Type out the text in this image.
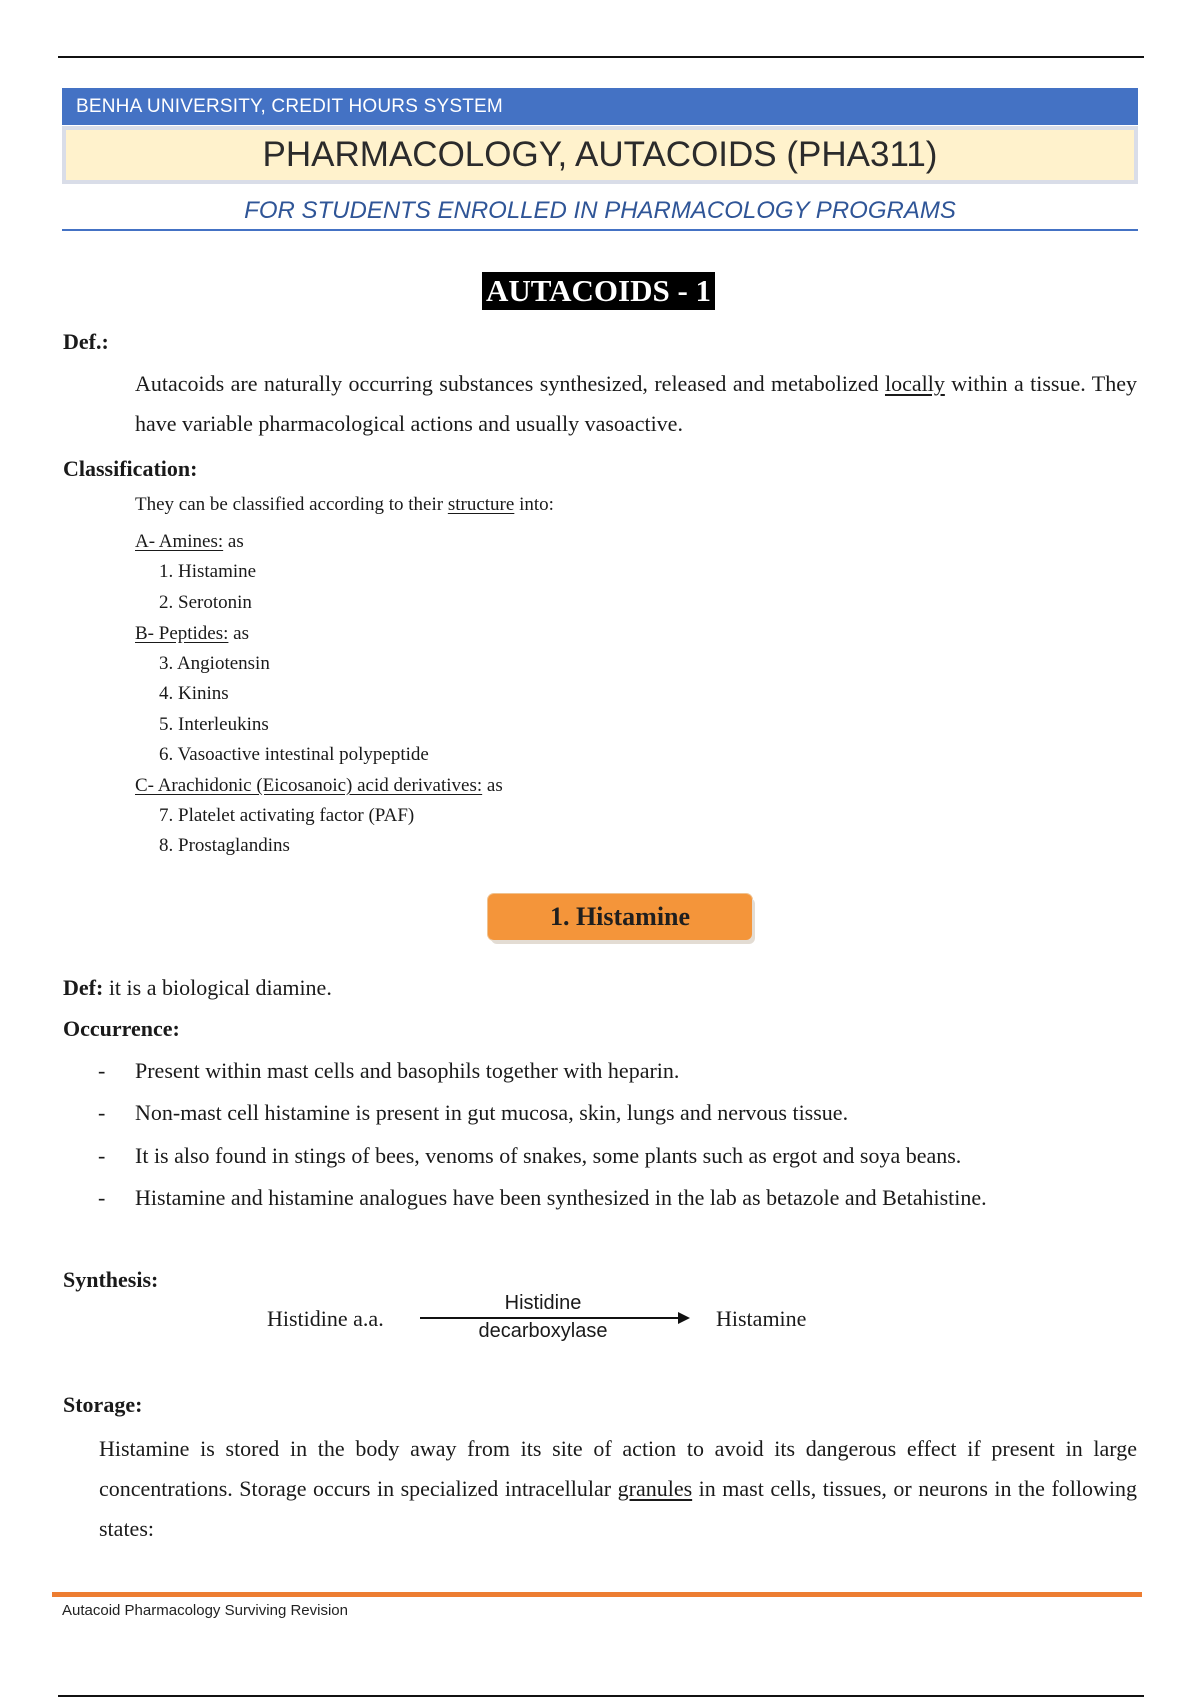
BENHA UNIVERSITY, CREDIT HOURS SYSTEM
PHARMACOLOGY, AUTACOIDS (PHA311)
FOR STUDENTS ENROLLED IN PHARMACOLOGY PROGRAMS
AUTACOIDS - 1
Def.:
Autacoids are naturally occurring substances synthesized, released and metabolized locally within a tissue. They have variable pharmacological actions and usually vasoactive.
Classification:
They can be classified according to their structure into:
A- Amines: as
1. Histamine
2. Serotonin
B- Peptides: as
3. Angiotensin
4. Kinins
5. Interleukins
6. Vasoactive intestinal polypeptide
C- Arachidonic (Eicosanoic) acid derivatives: as
7. Platelet activating factor (PAF)
8. Prostaglandins
1. Histamine
Def: it is a biological diamine.
Occurrence:
- Present within mast cells and basophils together with heparin.
- Non-mast cell histamine is present in gut mucosa, skin, lungs and nervous tissue.
- It is also found in stings of bees, venoms of snakes, some plants such as ergot and soya beans.
- Histamine and histamine analogues have been synthesized in the lab as betazole and Betahistine.
Synthesis:
Histidine a.a.
Histidine
decarboxylase	Histamine
Storage:
Histamine is stored in the body away from its site of action to avoid its dangerous effect if present in large concentrations. Storage occurs in specialized intracellular granules in mast cells, tissues, or neurons in the following states:
Autacoid Pharmacology Surviving Revision
